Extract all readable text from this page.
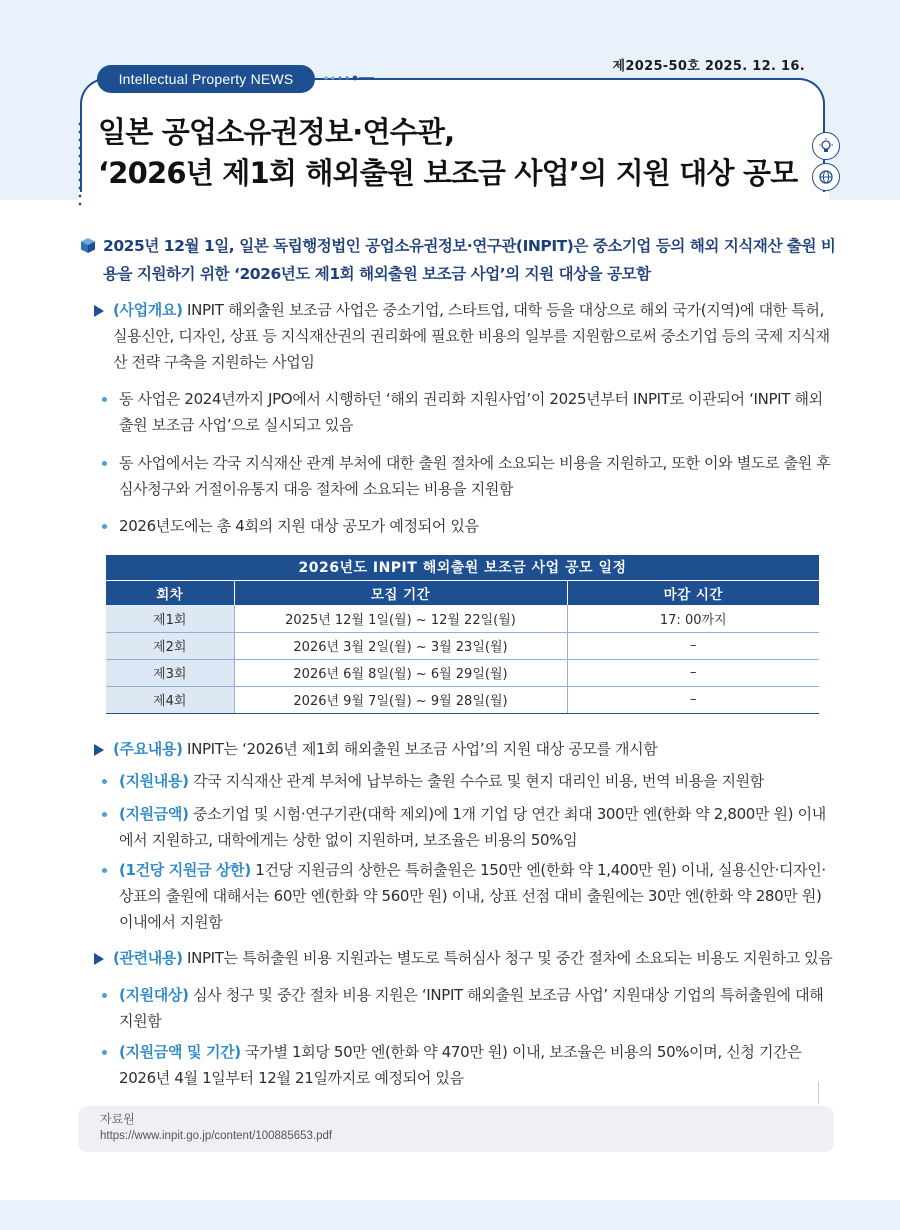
Intellectual Property NEWS
제2025-50호 2025. 12. 16.
일본 공업소유권정보·연수관,
‘2026년 제1회 해외출원 보조금 사업’의 지원 대상 공모

2025년 12월 1일, 일본 독립행정법인 공업소유권정보·연구관(INPIT)은 중소기업 등의 해외 지식재산 출원 비용을 지원하기 위한 ‘2026년도 제1회 해외출원 보조금 사업’의 지원 대상을 공모함

(사업개요) INPIT 해외출원 보조금 사업은 중소기업, 스타트업, 대학 등을 대상으로 해외 국가(지역)에 대한 특허, 실용신안, 디자인, 상표 등 지식재산권의 권리화에 필요한 비용의 일부를 지원함으로써 중소기업 등의 국제 지식재산 전략 구축을 지원하는 사업임
동 사업은 2024년까지 JPO에서 시행하던 ‘해외 권리화 지원사업’이 2025년부터 INPIT로 이관되어 ‘INPIT 해외출원 보조금 사업’으로 실시되고 있음
동 사업에서는 각국 지식재산 관계 부처에 대한 출원 절차에 소요되는 비용을 지원하고, 또한 이와 별도로 출원 후 심사청구와 거절이유통지 대응 절차에 소요되는 비용을 지원함
2026년도에는 총 4회의 지원 대상 공모가 예정되어 있음
2026년도 INPIT 해외출원 보조금 사업 공모 일정		
회차	모집 기간	마감 시간
제1회	2025년 12월 1일(월) ~ 12월 22일(월)	17: 00까지
제2회	2026년 3월 2일(월) ~ 3월 23일(월)	–
제3회	2026년 6월 8일(월) ~ 6월 29일(월)	–
제4회	2026년 9월 7일(월) ~ 9월 28일(월)	–
(주요내용) INPIT는 ‘2026년 제1회 해외출원 보조금 사업’의 지원 대상 공모를 개시함
(지원내용) 각국 지식재산 관계 부처에 납부하는 출원 수수료 및 현지 대리인 비용, 번역 비용을 지원함
(지원금액) 중소기업 및 시험·연구기관(대학 제외)에 1개 기업 당 연간 최대 300만 엔(한화 약 2,800만 원) 이내에서 지원하고, 대학에게는 상한 없이 지원하며, 보조율은 비용의 50%임
(1건당 지원금 상한) 1건당 지원금의 상한은 특허출원은 150만 엔(한화 약 1,400만 원) 이내, 실용신안·디자인·상표의 출원에 대해서는 60만 엔(한화 약 560만 원) 이내, 상표 선점 대비 출원에는 30만 엔(한화 약 280만 원) 이내에서 지원함
(관련내용) INPIT는 특허출원 비용 지원과는 별도로 특허심사 청구 및 중간 절차에 소요되는 비용도 지원하고 있음
(지원대상) 심사 청구 및 중간 절차 비용 지원은 ‘INPIT 해외출원 보조금 사업’ 지원대상 기업의 특허출원에 대해 지원함
(지원금액 및 기간) 국가별 1회당 50만 엔(한화 약 470만 원) 이내, 보조율은 비용의 50%이며, 신청 기간은 2026년 4월 1일부터 12월 21일까지로 예정되어 있음
자료원
https://www.inpit.go.jp/content/100885653.pdf
